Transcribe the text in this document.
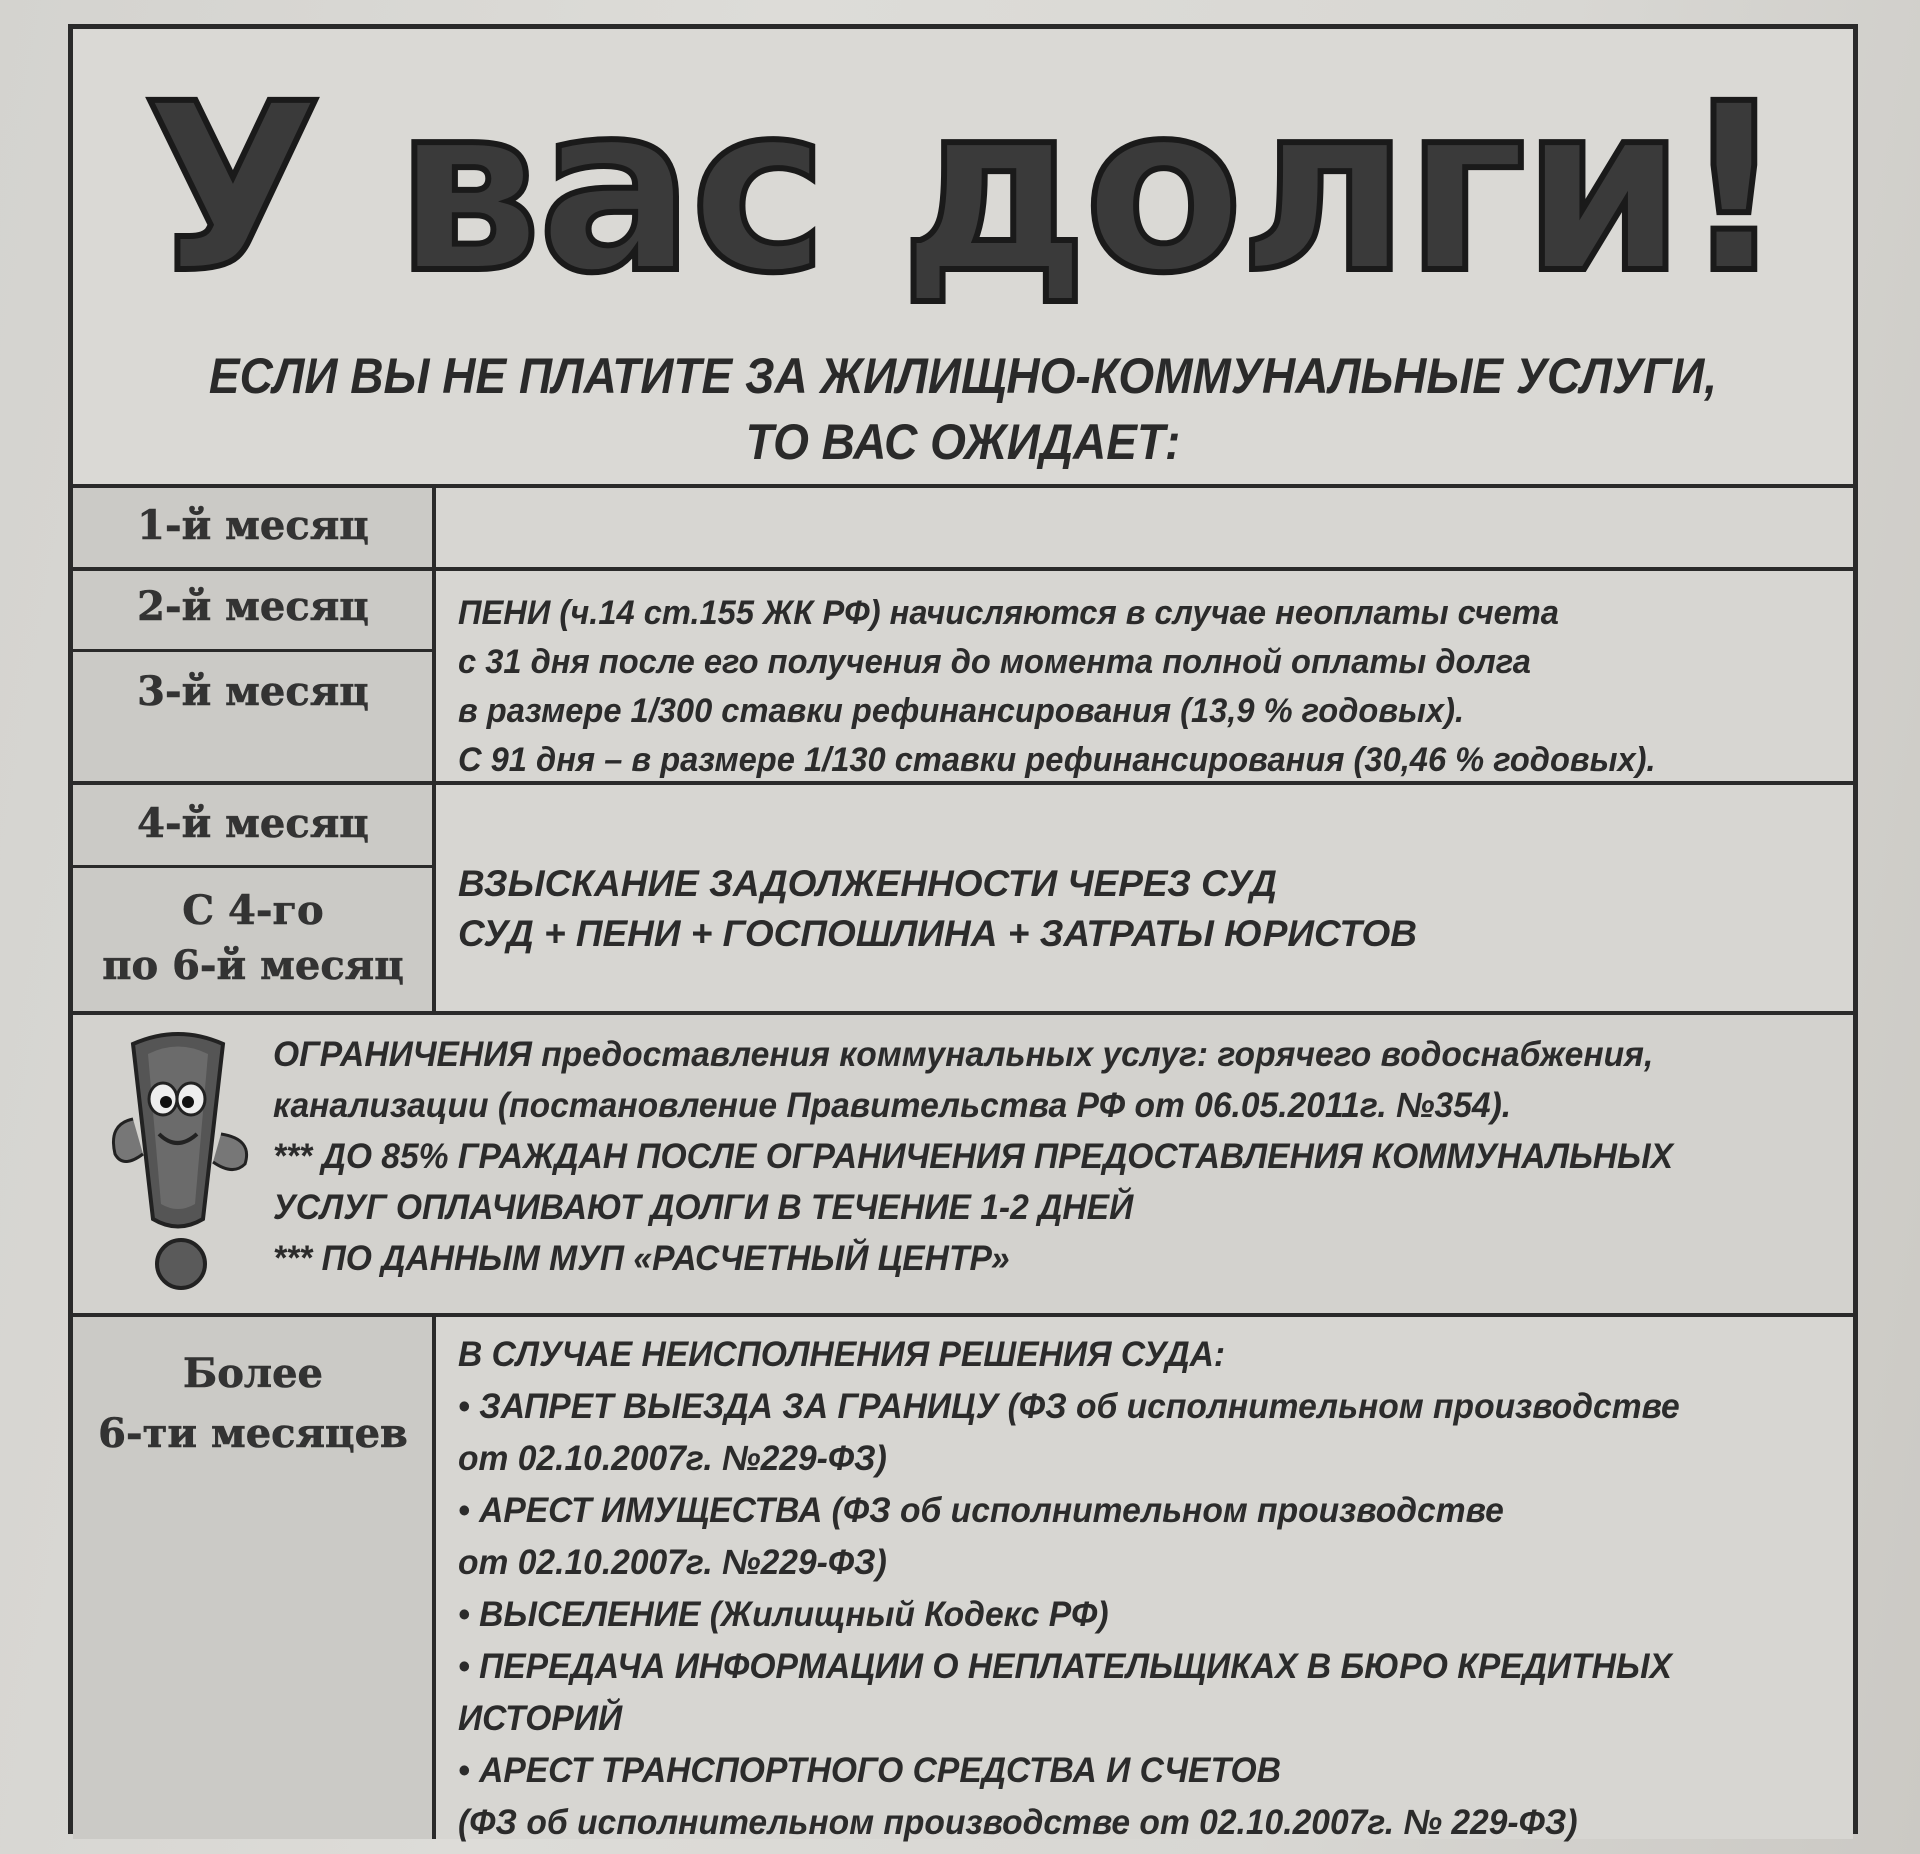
У вас долги!
ЕСЛИ ВЫ НЕ ПЛАТИТЕ ЗА ЖИЛИЩНО-КОММУНАЛЬНЫЕ УСЛУГИ,
ТО ВАС ОЖИДАЕТ:
1-й месяц
2-й месяц
3-й месяц
4-й месяц
С 4-го
по 6-й месяц
Более
6-ти месяцев
ПЕНИ (ч.14 ст.155 ЖК РФ) начисляются в случае неоплаты счета
с 31 дня после его получения до момента полной оплаты долга
в размере 1/300 ставки рефинансирования (13,9 % годовых).
С 91 дня – в размере 1/130 ставки рефинансирования (30,46 % годовых).
ВЗЫСКАНИЕ ЗАДОЛЖЕННОСТИ ЧЕРЕЗ СУД
СУД + ПЕНИ + ГОСПОШЛИНА + ЗАТРАТЫ ЮРИСТОВ
ОГРАНИЧЕНИЯ предоставления коммунальных услуг: горячего водоснабжения,
канализации (постановление Правительства РФ от 06.05.2011г. №354).
*** ДО 85% ГРАЖДАН ПОСЛЕ ОГРАНИЧЕНИЯ ПРЕДОСТАВЛЕНИЯ КОММУНАЛЬНЫХ
УСЛУГ ОПЛАЧИВАЮТ ДОЛГИ В ТЕЧЕНИЕ 1-2 ДНЕЙ
*** ПО ДАННЫМ МУП «РАСЧЕТНЫЙ ЦЕНТР»
В СЛУЧАЕ НЕИСПОЛНЕНИЯ РЕШЕНИЯ СУДА:
• ЗАПРЕТ ВЫЕЗДА ЗА ГРАНИЦУ (ФЗ об исполнительном производстве
от 02.10.2007г. №229-ФЗ)
• АРЕСТ ИМУЩЕСТВА (ФЗ об исполнительном производстве
от 02.10.2007г. №229-ФЗ)
• ВЫСЕЛЕНИЕ (Жилищный Кодекс РФ)
• ПЕРЕДАЧА ИНФОРМАЦИИ О НЕПЛАТЕЛЬЩИКАХ В БЮРО КРЕДИТНЫХ
ИСТОРИЙ
• АРЕСТ ТРАНСПОРТНОГО СРЕДСТВА И СЧЕТОВ
(ФЗ об исполнительном производстве от 02.10.2007г. № 229-ФЗ)
